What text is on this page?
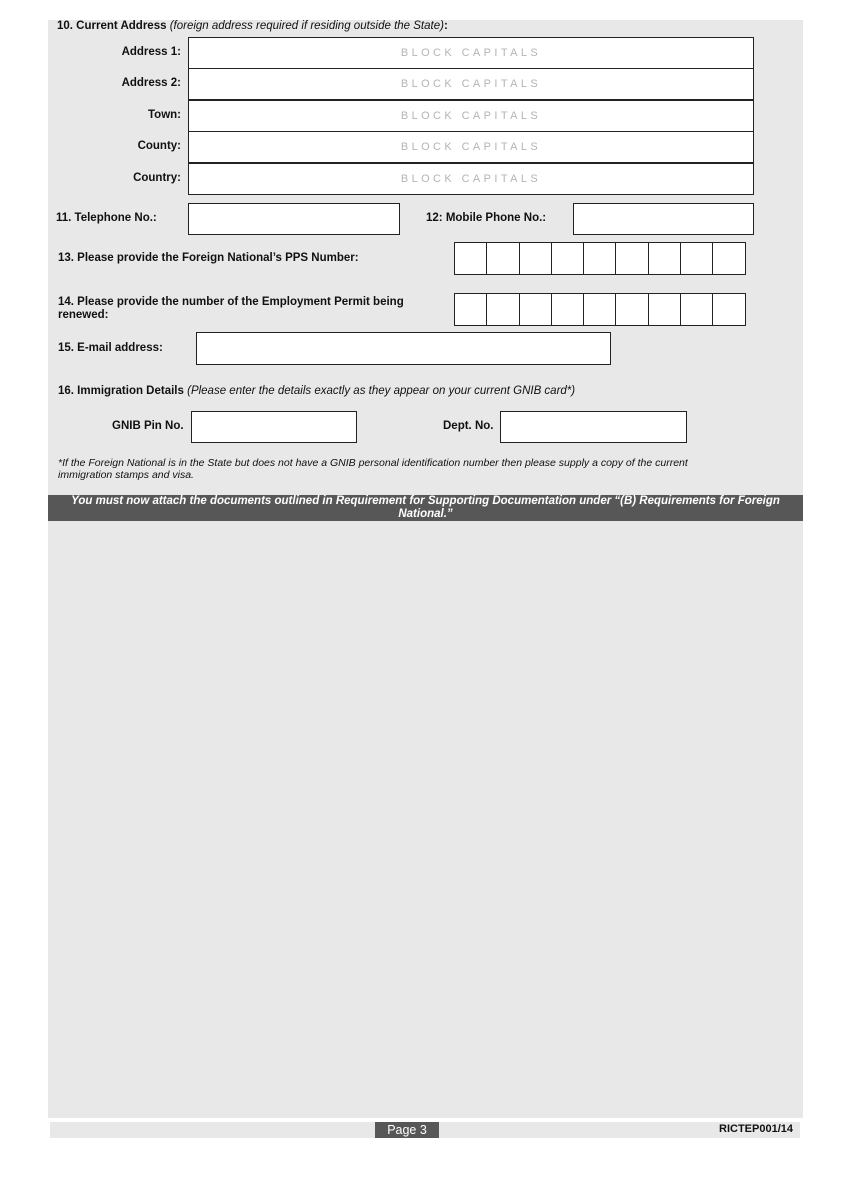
10. Current Address (foreign address required if residing outside the State):
Address 1:
BLOCK CAPITALS
Address 2:
BLOCK CAPITALS
Town:
BLOCK CAPITALS
County:
BLOCK CAPITALS
Country:
BLOCK CAPITALS
11. Telephone No.:	12: Mobile Phone No.:
13. Please provide the Foreign National’s PPS Number:
14. Please provide the number of the Employment Permit being
renewed:
15. E-mail address:
16. Immigration Details (Please enter the details exactly as they appear on your current GNIB card*)
GNIB Pin No.	Dept. No.
*If the Foreign National is in the State but does not have a GNIB personal identification number then please supply a copy of the current
immigration stamps and visa.
You must now attach the documents outlined in Requirement for Supporting Documentation under “(B) Requirements for Foreign
National.”
Page 3	RICTEP001/14
